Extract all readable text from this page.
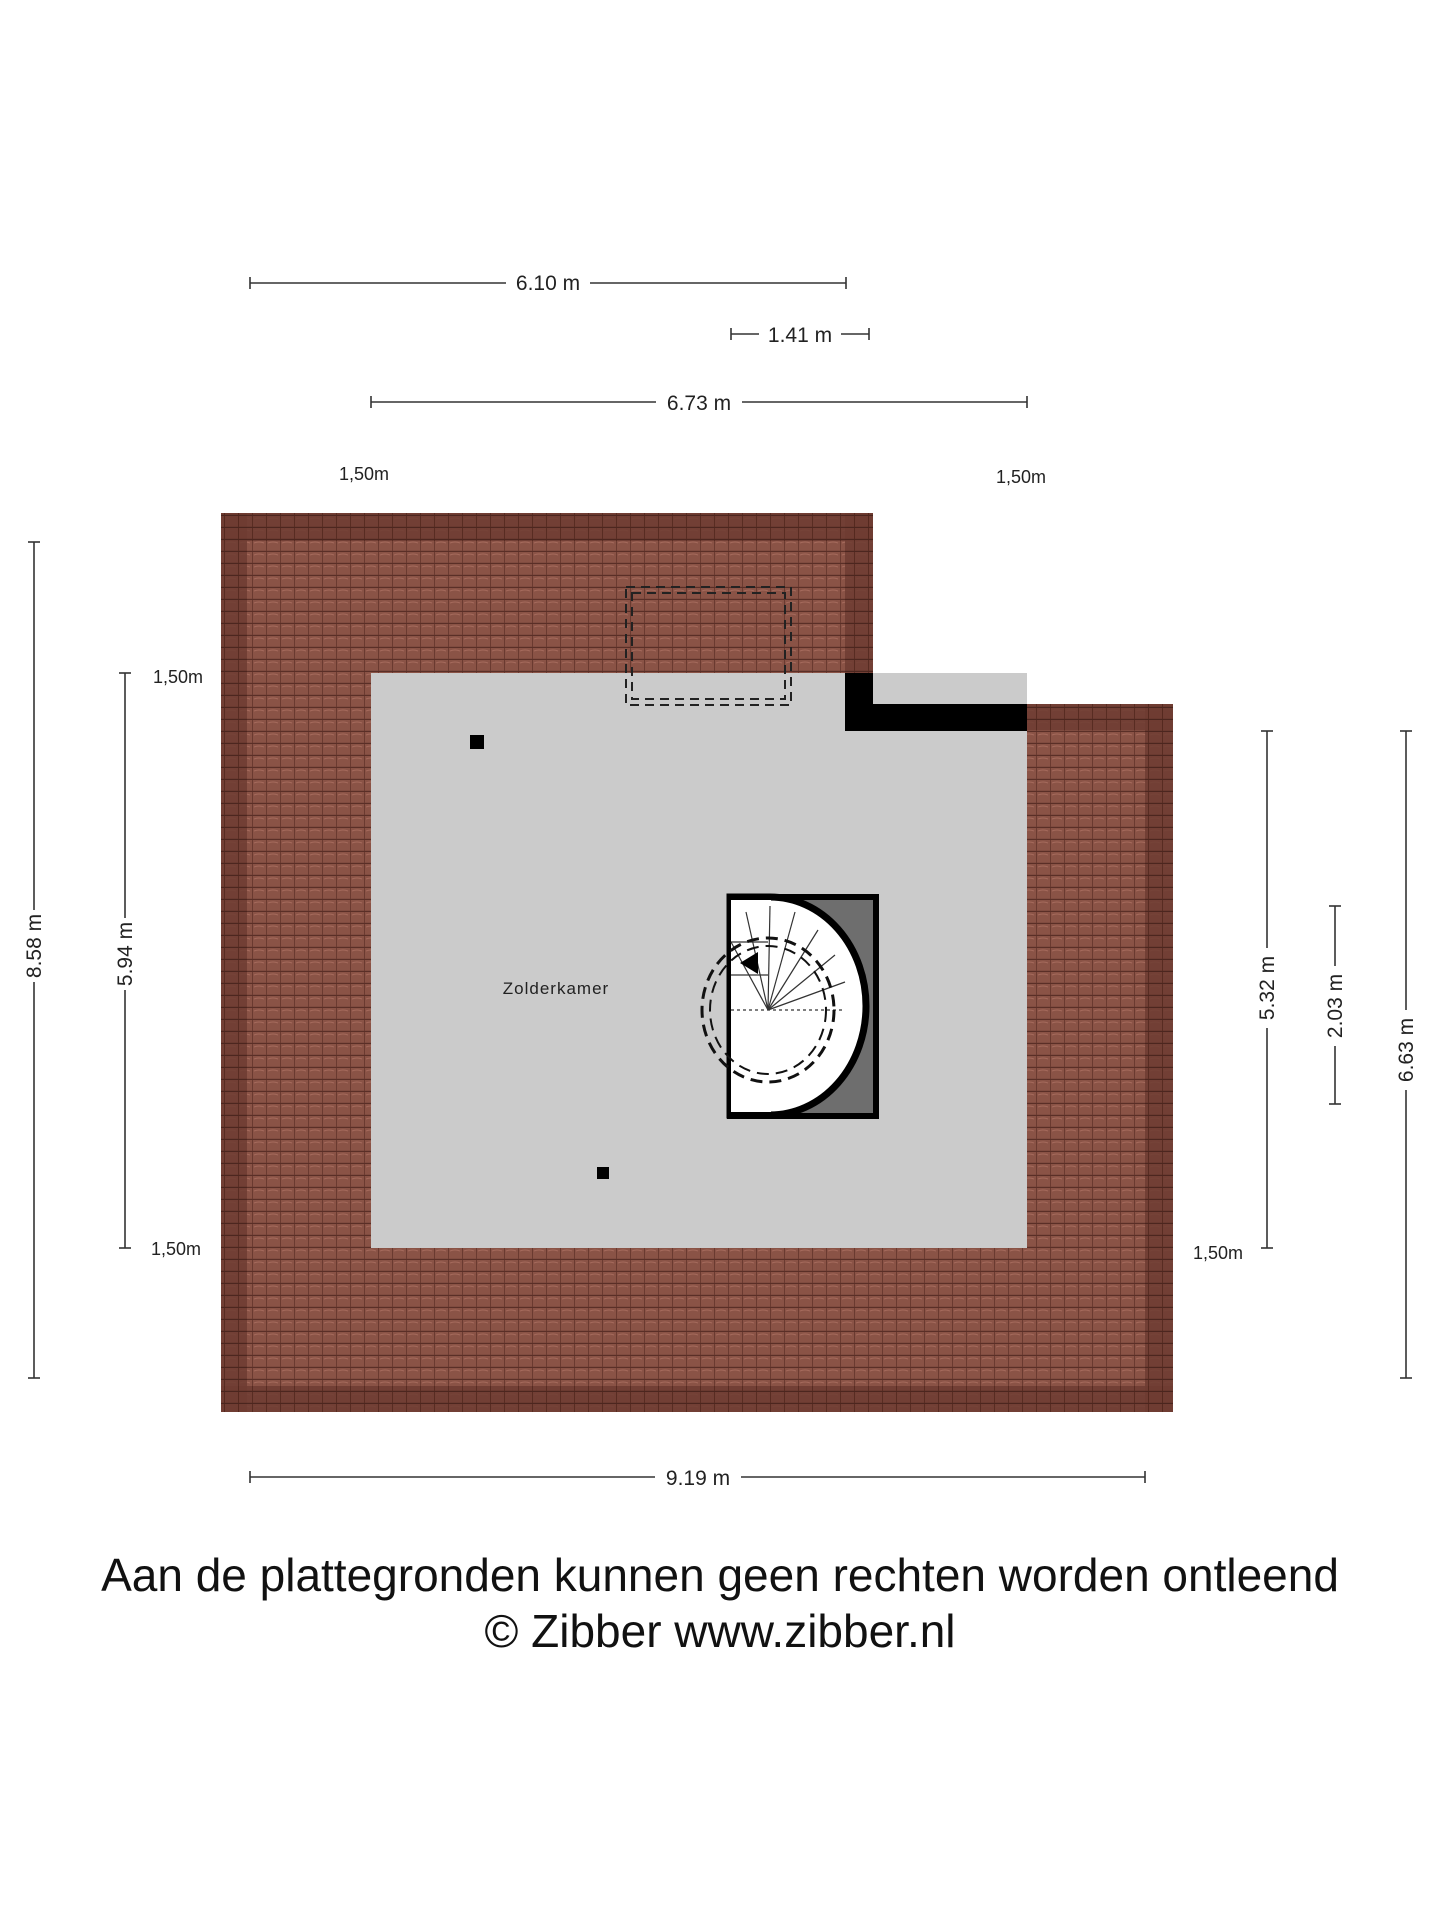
Zolderkamer
6.10 m
1.41 m
6.73 m
1,50m	1,50m
1,50m
1,50m	1,50m
8.58 m	5.94 m
5.32 m 2.03 m
6.63 m
9.19 m
Aan de plattegronden kunnen geen rechten worden ontleend
© Zibber www.zibber.nl
